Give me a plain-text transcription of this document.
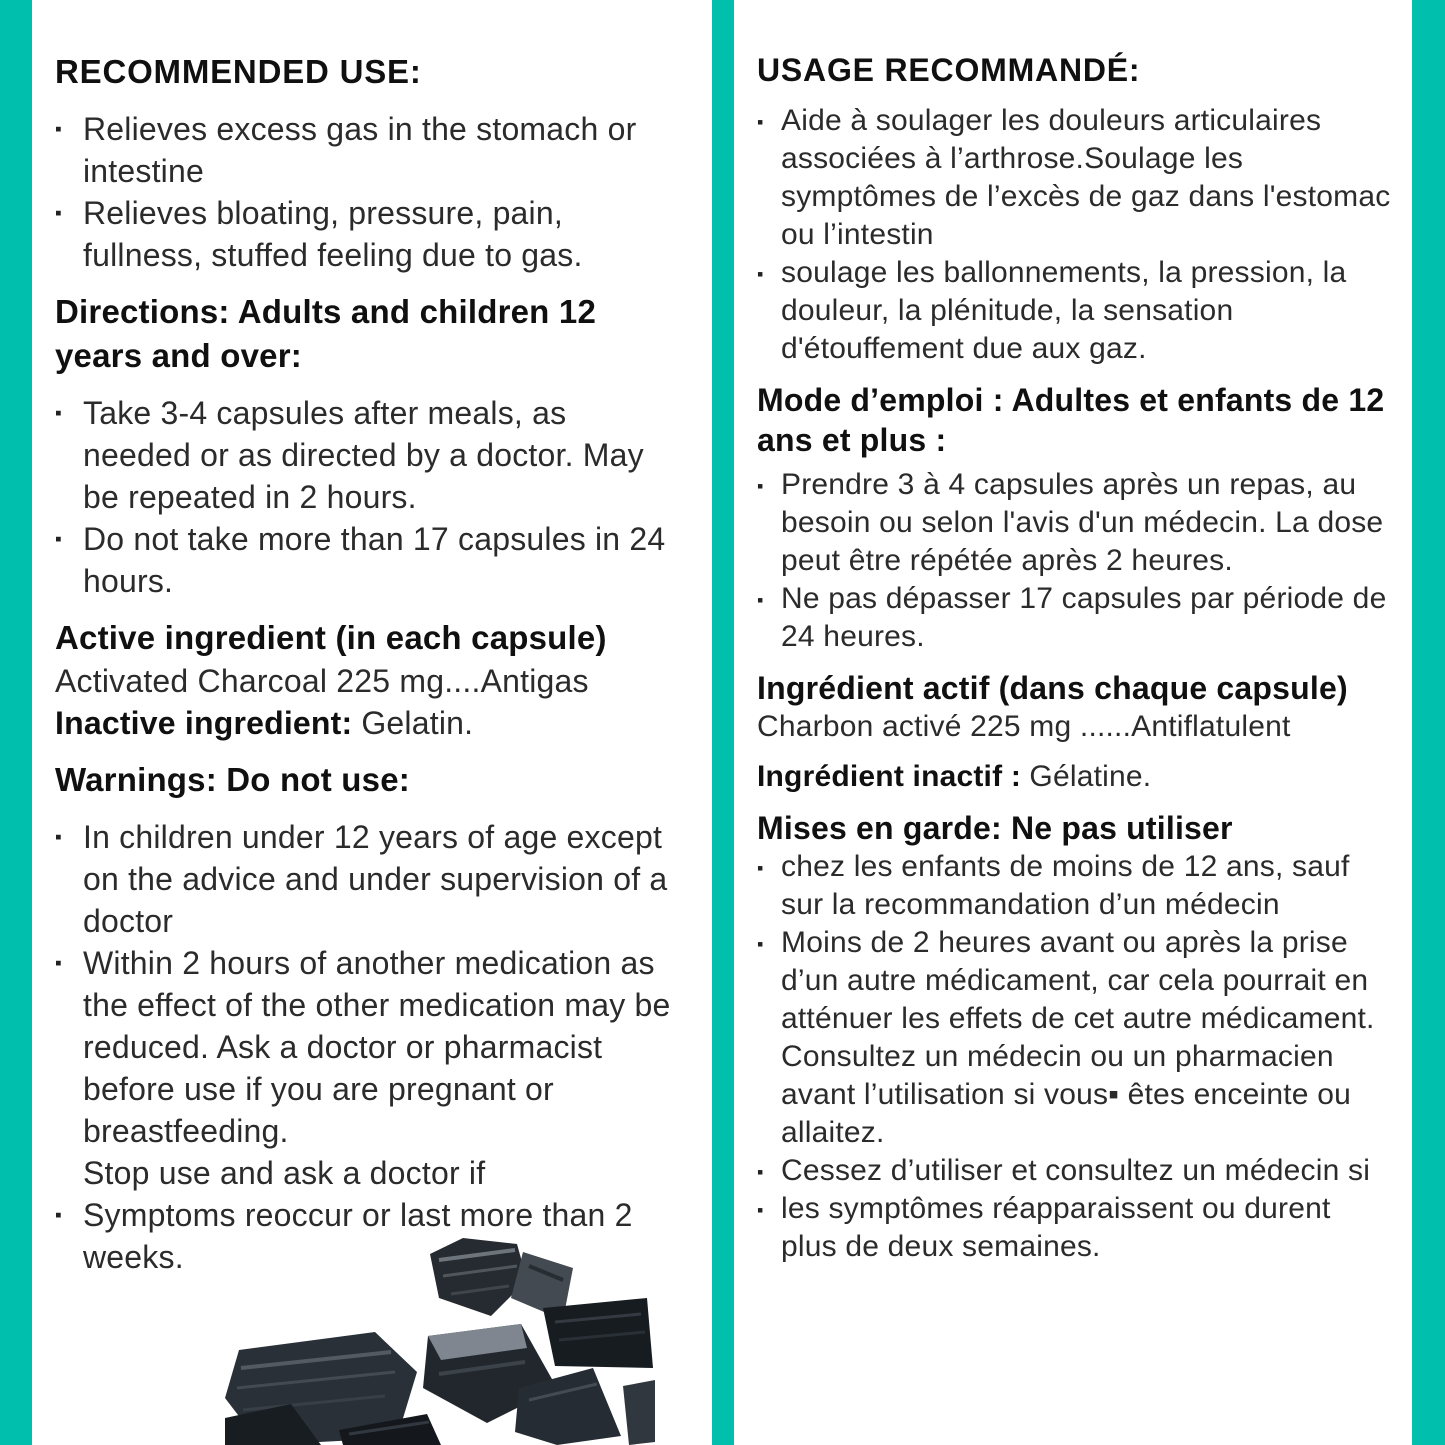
RECOMMENDED USE:

▪ Relieves excess gas in the stomach or intestine
▪ Relieves bloating, pressure, pain, fullness, stuffed feeling due to gas.

Directions: Adults and children 12 years and over:

▪ Take 3-4 capsules after meals, as needed or as directed by a doctor. May be repeated in 2 hours.
▪ Do not take more than 17 capsules in 24 hours.

Active ingredient (in each capsule)

Activated Charcoal 225 mg....Antigas

Inactive ingredient: Gelatin.

Warnings: Do not use:

▪ In children under 12 years of age except on the advice and under supervision of a doctor
▪ Within 2 hours of another medication as the effect of the other medication may be reduced. Ask a doctor or pharmacist before use if you are pregnant or breastfeeding.
Stop use and ask a doctor if
▪ Symptoms reoccur or last more than 2 weeks.

USAGE RECOMMANDÉ:

▪ Aide à soulager les douleurs articulaires associées à l’arthrose.Soulage les symptômes de l’excès de gaz dans l'estomac ou l’intestin
▪ soulage les ballonnements, la pression, la douleur, la plénitude, la sensation d'étouffement due aux gaz.

Mode d’emploi : Adultes et enfants de 12 ans et plus :

▪ Prendre 3 à 4 capsules après un repas, au besoin ou selon l'avis d'un médecin. La dose peut être répétée après 2 heures.
▪ Ne pas dépasser 17 capsules par période de 24 heures.

Ingrédient actif (dans chaque capsule)

Charbon activé 225 mg ......Antiflatulent

Ingrédient inactif : Gélatine.

Mises en garde: Ne pas utiliser

▪ chez les enfants de moins de 12 ans, sauf sur la recommandation d’un médecin
▪ Moins de 2 heures avant ou après la prise d’un autre médicament, car cela pourrait en atténuer les effets de cet autre médicament. Consultez un médecin ou un pharmacien avant l’utilisation si vous▪ êtes enceinte ou allaitez.
▪ Cessez d’utiliser et consultez un médecin si
▪ les symptômes réapparaissent ou durent plus de deux semaines.
